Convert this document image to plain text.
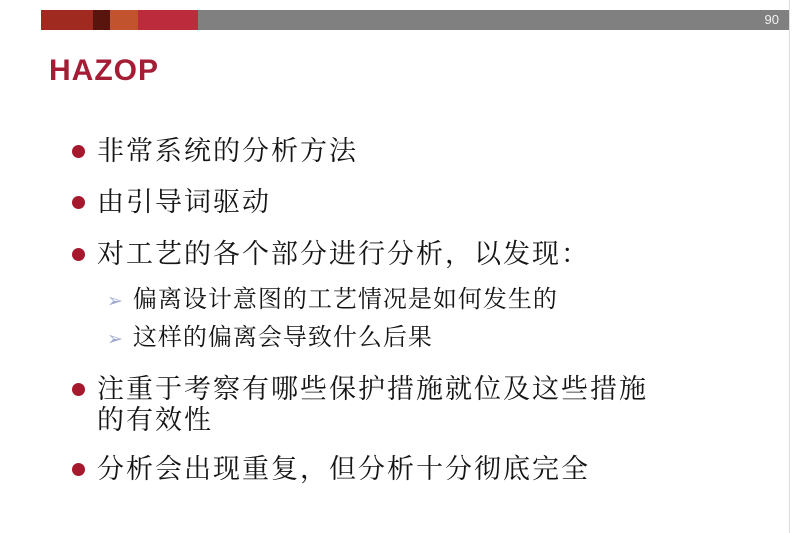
90
HAZOP
非常系统的分析方法
由引导词驱动
对工艺的各个部分进行分析，以发现：
➢ 偏离设计意图的工艺情况是如何发生的
➢ 这样的偏离会导致什么后果
注重于考察有哪些保护措施就位及这些措施的有效性
分析会出现重复，但分析十分彻底完全
